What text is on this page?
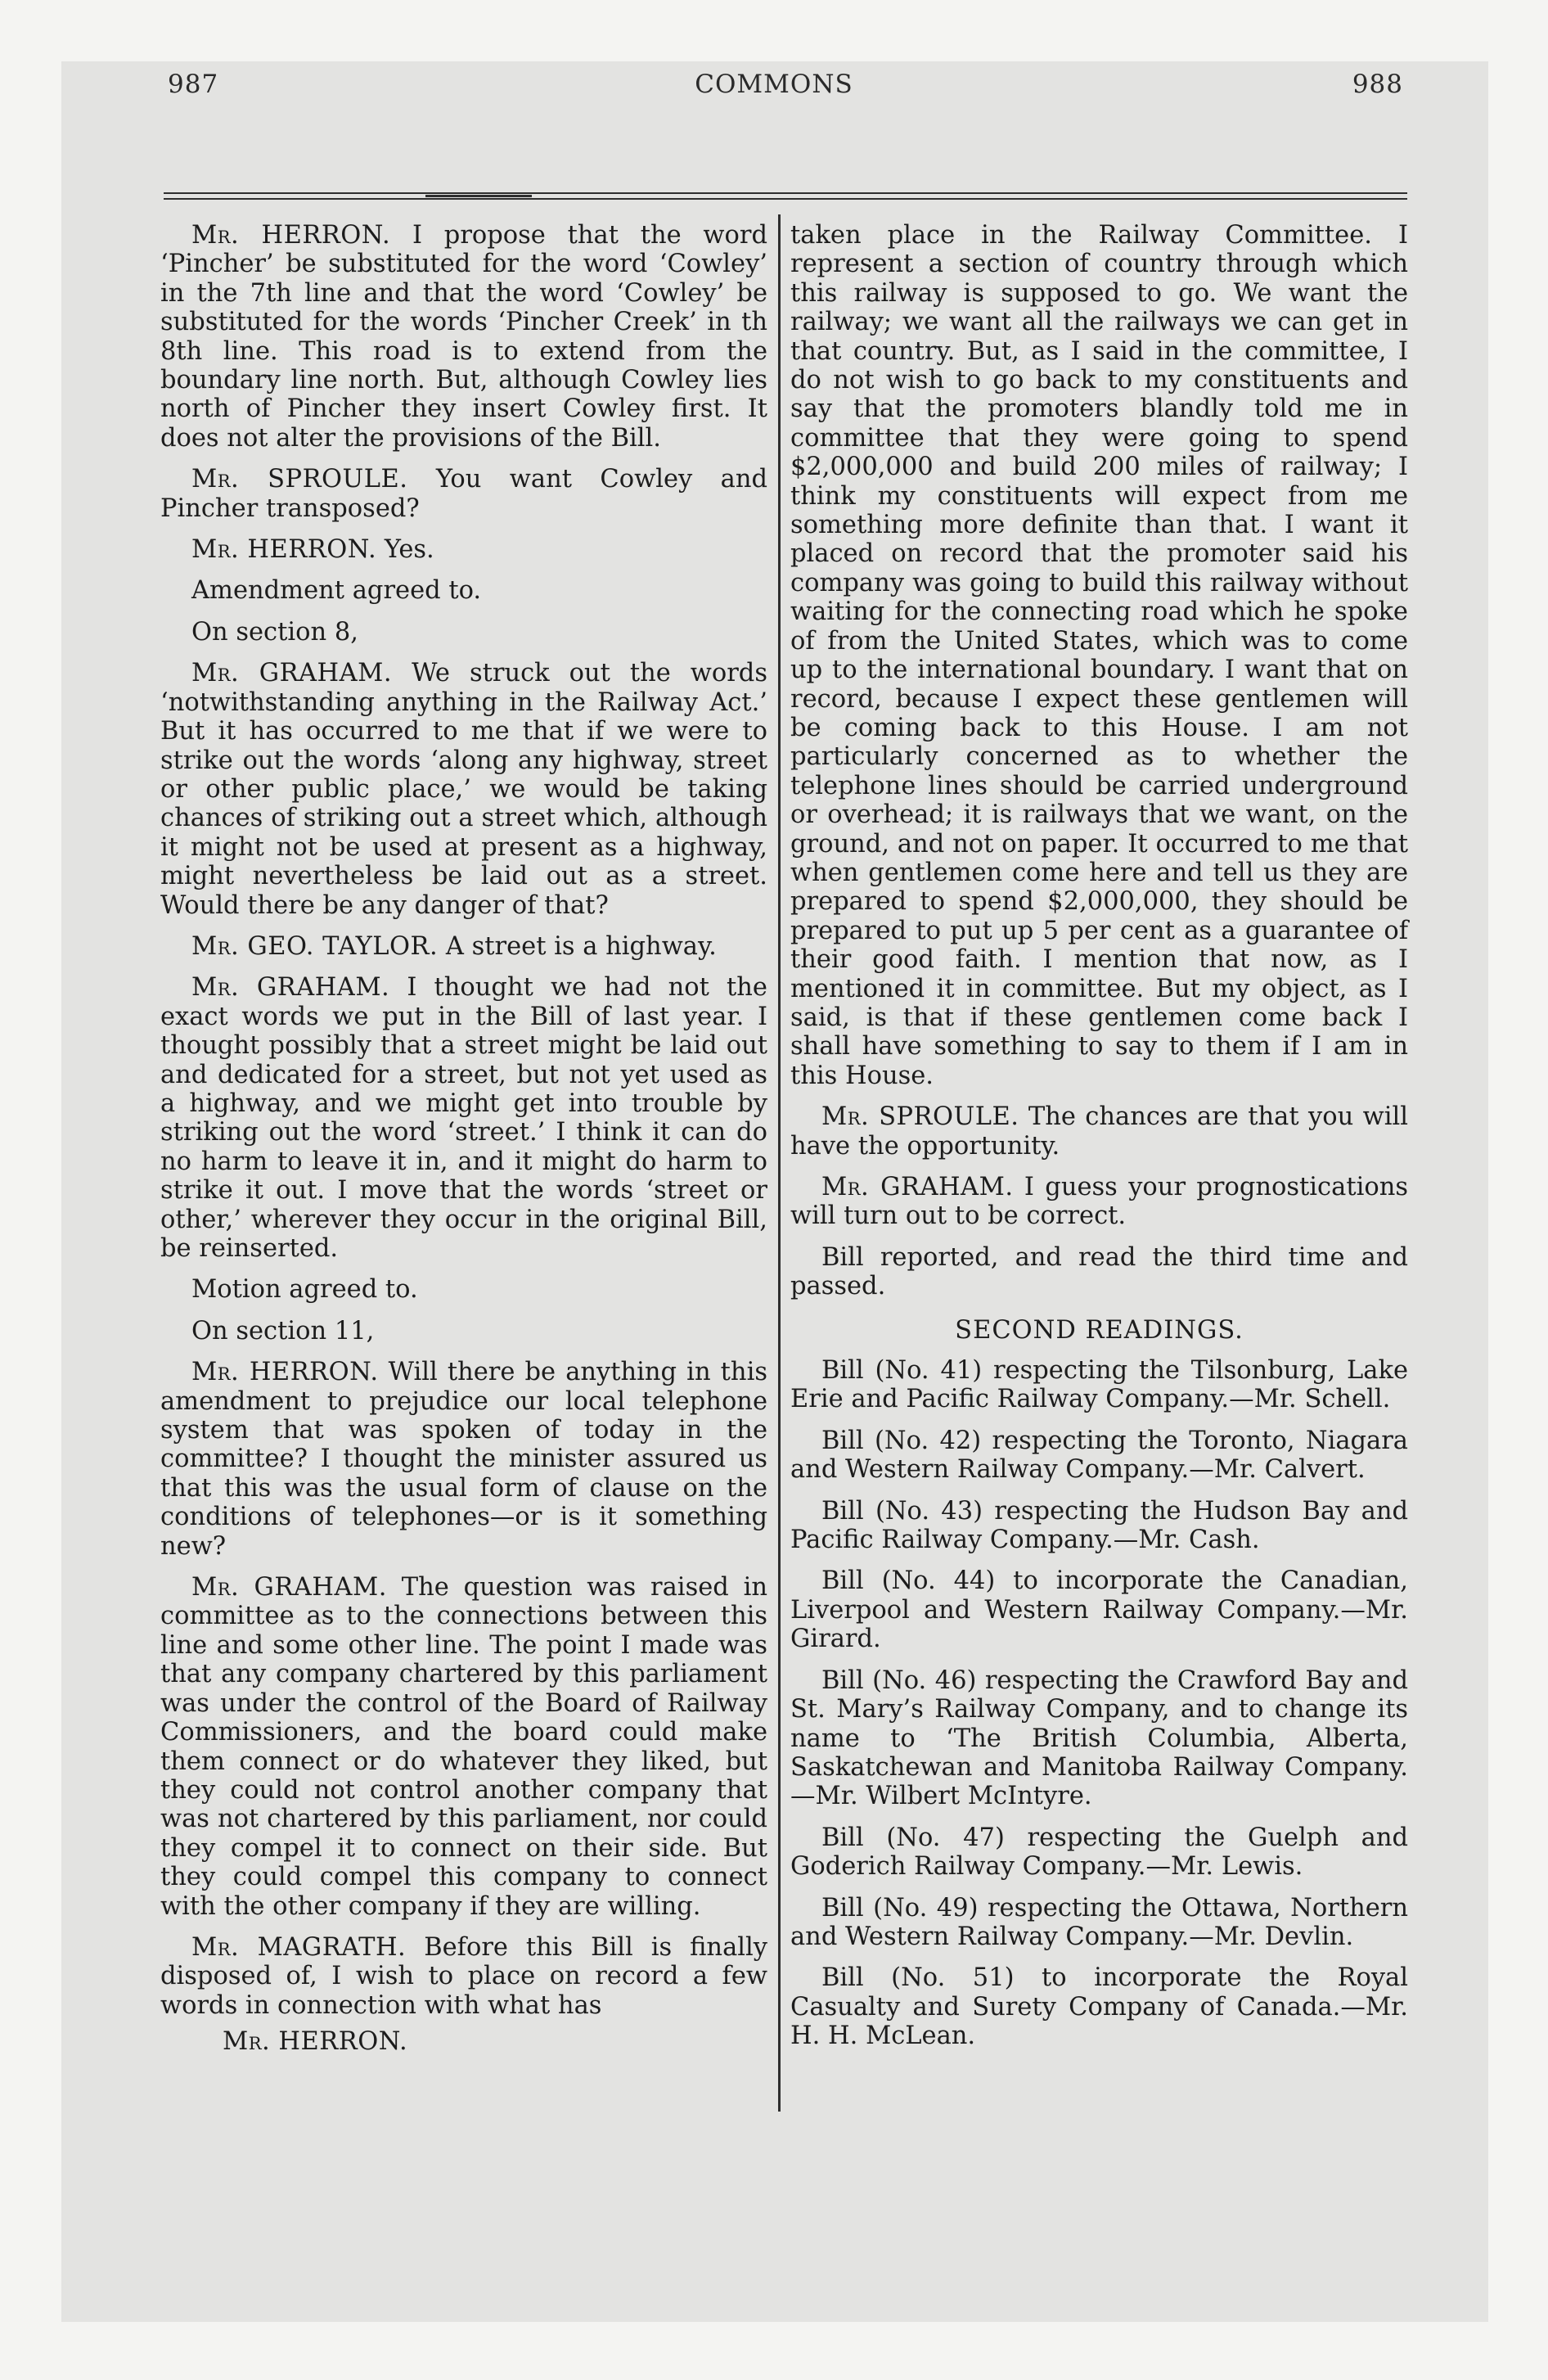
987	COMMONS	988

Mr. HERRON. I propose that the word ‘Pincher’ be substituted for the word ‘Cowley’ in the 7th line and that the word ‘Cowley’ be substituted for the words ‘Pincher Creek’ in th 8th line. This road is to extend from the boundary line north. But, although Cowley lies north of Pincher they insert Cowley first. It does not alter the provisions of the Bill.

Mr. SPROULE. You want Cowley and Pincher transposed?

Mr. HERRON. Yes.

Amendment agreed to.

On section 8,

Mr. GRAHAM. We struck out the words ‘notwithstanding anything in the Railway Act.’ But it has occurred to me that if we were to strike out the words ‘along any highway, street or other public place,’ we would be taking chances of striking out a street which, although it might not be used at present as a highway, might nevertheless be laid out as a street. Would there be any danger of that?

Mr. GEO. TAYLOR. A street is a highway.

Mr. GRAHAM. I thought we had not the exact words we put in the Bill of last year. I thought possibly that a street might be laid out and dedicated for a street, but not yet used as a highway, and we might get into trouble by striking out the word ‘street.’ I think it can do no harm to leave it in, and it might do harm to strike it out. I move that the words ‘street or other,’ wherever they occur in the original Bill, be reinserted.

Motion agreed to.

On section 11,

Mr. HERRON. Will there be anything in this amendment to prejudice our local telephone system that was spoken of today in the committee? I thought the minister assured us that this was the usual form of clause on the conditions of telephones—or is it something new?

Mr. GRAHAM. The question was raised in committee as to the connections between this line and some other line. The point I made was that any company chartered by this parliament was under the control of the Board of Railway Commissioners, and the board could make them connect or do whatever they liked, but they could not control another company that was not chartered by this parliament, nor could they compel it to connect on their side. But they could compel this company to connect with the other company if they are willing.

Mr. MAGRATH. Before this Bill is finally disposed of, I wish to place on record a few words in connection with what has

Mr. HERRON.

taken place in the Railway Committee. I represent a section of country through which this railway is supposed to go. We want the railway; we want all the railways we can get in that country. But, as I said in the committee, I do not wish to go back to my constituents and say that the promoters blandly told me in committee that they were going to spend $2,000,000 and build 200 miles of railway; I think my constituents will expect from me something more definite than that. I want it placed on record that the promoter said his company was going to build this railway without waiting for the connecting road which he spoke of from the United States, which was to come up to the international boundary. I want that on record, because I expect these gentlemen will be coming back to this House. I am not particularly concerned as to whether the telephone lines should be carried underground or overhead; it is railways that we want, on the ground, and not on paper. It occurred to me that when gentlemen come here and tell us they are prepared to spend $2,000,000, they should be prepared to put up 5 per cent as a guarantee of their good faith. I mention that now, as I mentioned it in committee. But my object, as I said, is that if these gentlemen come back I shall have something to say to them if I am in this House.

Mr. SPROULE. The chances are that you will have the opportunity.

Mr. GRAHAM. I guess your prognostications will turn out to be correct.

Bill reported, and read the third time and passed.

SECOND READINGS.

Bill (No. 41) respecting the Tilsonburg, Lake Erie and Pacific Railway Company.—Mr. Schell.

Bill (No. 42) respecting the Toronto, Niagara and Western Railway Company.—Mr. Calvert.

Bill (No. 43) respecting the Hudson Bay and Pacific Railway Company.—Mr. Cash.

Bill (No. 44) to incorporate the Canadian, Liverpool and Western Railway Company.—Mr. Girard.

Bill (No. 46) respecting the Crawford Bay and St. Mary’s Railway Company, and to change its name to ‘The British Columbia, Alberta, Saskatchewan and Manitoba Railway Company.—Mr. Wilbert McIntyre.

Bill (No. 47) respecting the Guelph and Goderich Railway Company.—Mr. Lewis.

Bill (No. 49) respecting the Ottawa, Northern and Western Railway Company.—Mr. Devlin.

Bill (No. 51) to incorporate the Royal Casualty and Surety Company of Canada.—Mr. H. H. McLean.
